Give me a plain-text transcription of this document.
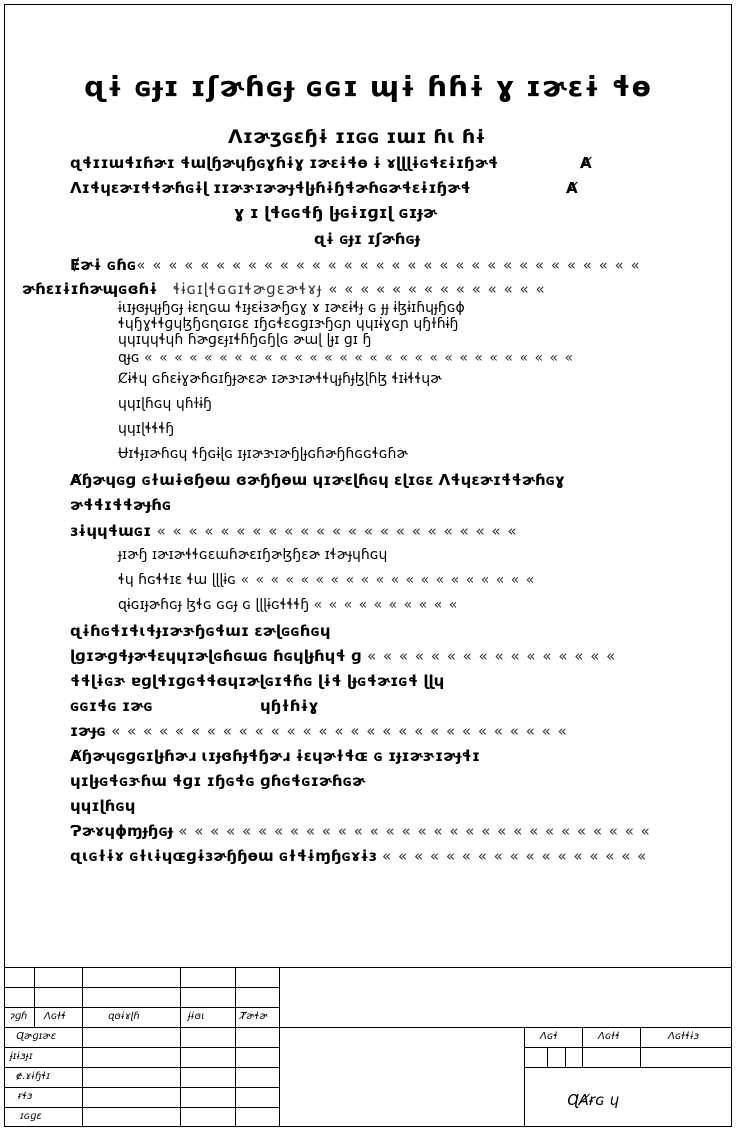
ɋɨ ɢɟɪ ɪʃɚɦɢɟ ɢɢɪ ɰɨ ɦɦɨ ɣ ɪɚɛɨ ɬɵ
Ʌɪɚʒɢɛɧɨ ɪɪɢɢ ɪɯɪ ɦɩ ɦɨ
ɋɬɪɪɯɬɪɦɚɪ ɬɯɭɧɚɥɧɢɣɦɨɣ ɪɚɛɨɬɵ ɨ ɤɭɭɭɨɢɬɛɨɪɧɚɬ	Ⱥ
Ʌɪɬɥɛɚɪɬɬɚɦɢɨɭ ɪɪɚɝɪɚɚɟɬɭɟɦɨɧɬɚɦɢɚɬɛɨɪɧɚɬ	Ⱥ
ɣ ɪ ɭɬɢɢɬɧ ɭɟɢɨɪɡɪɭ ɢɪɟɚ
ɋɨ ɢɟɪ ɪʃɚɦɢɟ
Ɇɚɨ ɢɦɢ« « « « « « « « « « « « « « « « « « « « « « « « « « « « « « « «
ɚɦɛɪɨɪɦɚɰɢɞɦɨ ɬɨɢɪɭɬɢɢɪɬɚɡɛɚɬɤɟ « « « « « « « « « « « « « «
ɨɩɪɟɞɟɥɟɧɢɟ ɨɛɳɢɯ ɬɪɟɛɨɜɚɧɢɣ ɤ ɪɚɛɨɬɟ ɢ ɟɟ ɨɮɨɪɦɥɟɧɢɸ
ɬɥɧɣɬɬɡɥɮɧɢɳɢɪɢɛ ɪɧɢɬɛɢɡɪɝɧɢɲ ɥɥɪɨɣɢɲ ɥɧɫɦɨɧ
ɥɥɪɥɥɬɥɦ ɦɚɡɛɟɪɬɦɧɢɧɭɢ ɚɯɭ ɭɟɪ ɡɪ ɧ
ɋɟɢ « « « « « « « « « « « « « « « « « « « « « « « « « « « « «
Ȼɨɬɥ ɢɦɛɨɣɚɦɢɪɧɟɚɛɚ ɪɚɝɪɚɬɬɥɟɦɟɮɭɦɮ ɬɪɨɬɬɥɚ
ɥɥɪɭɦɢɥ ɥɦɫɨɧ
ɥɥɪɭɬɬɬɧ
Ʉɪɬɟɪɚɦɢɥ ɬɧɢɨɭɢ ɪɟɪɚɝɪɚɧɭɟɢɦɚɧɦɢɢɬɢɦɚ
Ⱥɧɚɥɢɡ ɢɫɯɨɞɧɵɯ ɞɚɧɧɵɯ ɥɪɚɛɭɦɢɥ ɛɭɪɢɛ Ʌɬɥɛɚɪɬɬɚɦɢɣ
ɚɬɬɪɬɬɚɟɦɢ
ɜɨɥɥɬɯɢɪ « « « « « « « « « « « « « « « « « « « « « « «
ɟɪɚɧ ɪɚɪɚɬɬɢɛɯɦɚɛɪɧɚɮɧɛɚ ɪɬɚɟɥɦɢɥ
ɬɥ ɦɢɬɬɪɛ ɬɯ ɭɭɭɨɢ « « « « « « « « « « « « « « « « « « « «
ɋɨɢɪɟɚɦɢɟ ɮɬɢ ɢɢɟ ɢ ɭɭɭɨɢɬɬɬɧ « « « « « « « « « «
ɋɨɦɢɬɪɬɩɬɟɪɚɝɧɢɬɯɪ ɛɚɭɢɢɦɢɥ
ɭɡɪɚɡɬɟɚɬɛɥɥɪɚɭɢɦɢɯɢ ɦɢɥɭɟɦɥɬ ɡ « « « « « « « « « « « « « « « «
ɬɬɭɨɢɝ ɐɡɭɬɪɡɢɬɬɞɥɪɚɭɢɪɬɦɢ ɭɨɬ ɭɟɢɬɚɪɢɬ ɭɭɥ
ɢɢɪɬɢ ɪɚɢ	ɥɧɫɦɨɣ
ɪɚɟɢ « « « « « « « « « « « « « « « « « « « « « « « « « « « « «
Ⱥɧɚɥɢɡɢɪɭɟɦɚɹ ɩɪɟɞɦɟɬɧɚɹ ɨɛɥɚɫɬɶ ɢ ɪɟɪɚɝɪɚɟɬɪ
ɥɪɭɟɢɬɢɝɦɯ ɬɡɪ ɪɧɢɬɢ ɡɦɢɬɢɪɚɦɢɚ
ɥɥɪɭɦɢɥ
Ɂɚɤɥɸɱɟɧɢɟ « « « « « « « « « « « « « « « « « « « « « « « « « « « « « «
ɋɩɢɫɨɤ ɢɫɩɨɥɶɡɨɜɚɧɧɵɯ ɢɫɬɨɱɧɢɤɨɜ « « « « « « « « « « « « « « « « «
ɂɡɦ Ʌɢɫɬ	ɋɞɨɤɭɦ	ɉɨɞɩ	Ⱦɚɬɚ
Ɋɚɡɪɚɛ
ɉɪɨɜɟɪ
ɇ.ɤɨɧɬɪ
ɍɬɜ
ɪɢɡɛ
Ʌɢɬ	Ʌɢɫɬ	Ʌɢɫɬɨɜ
ɊȺɍɢ ɥ
